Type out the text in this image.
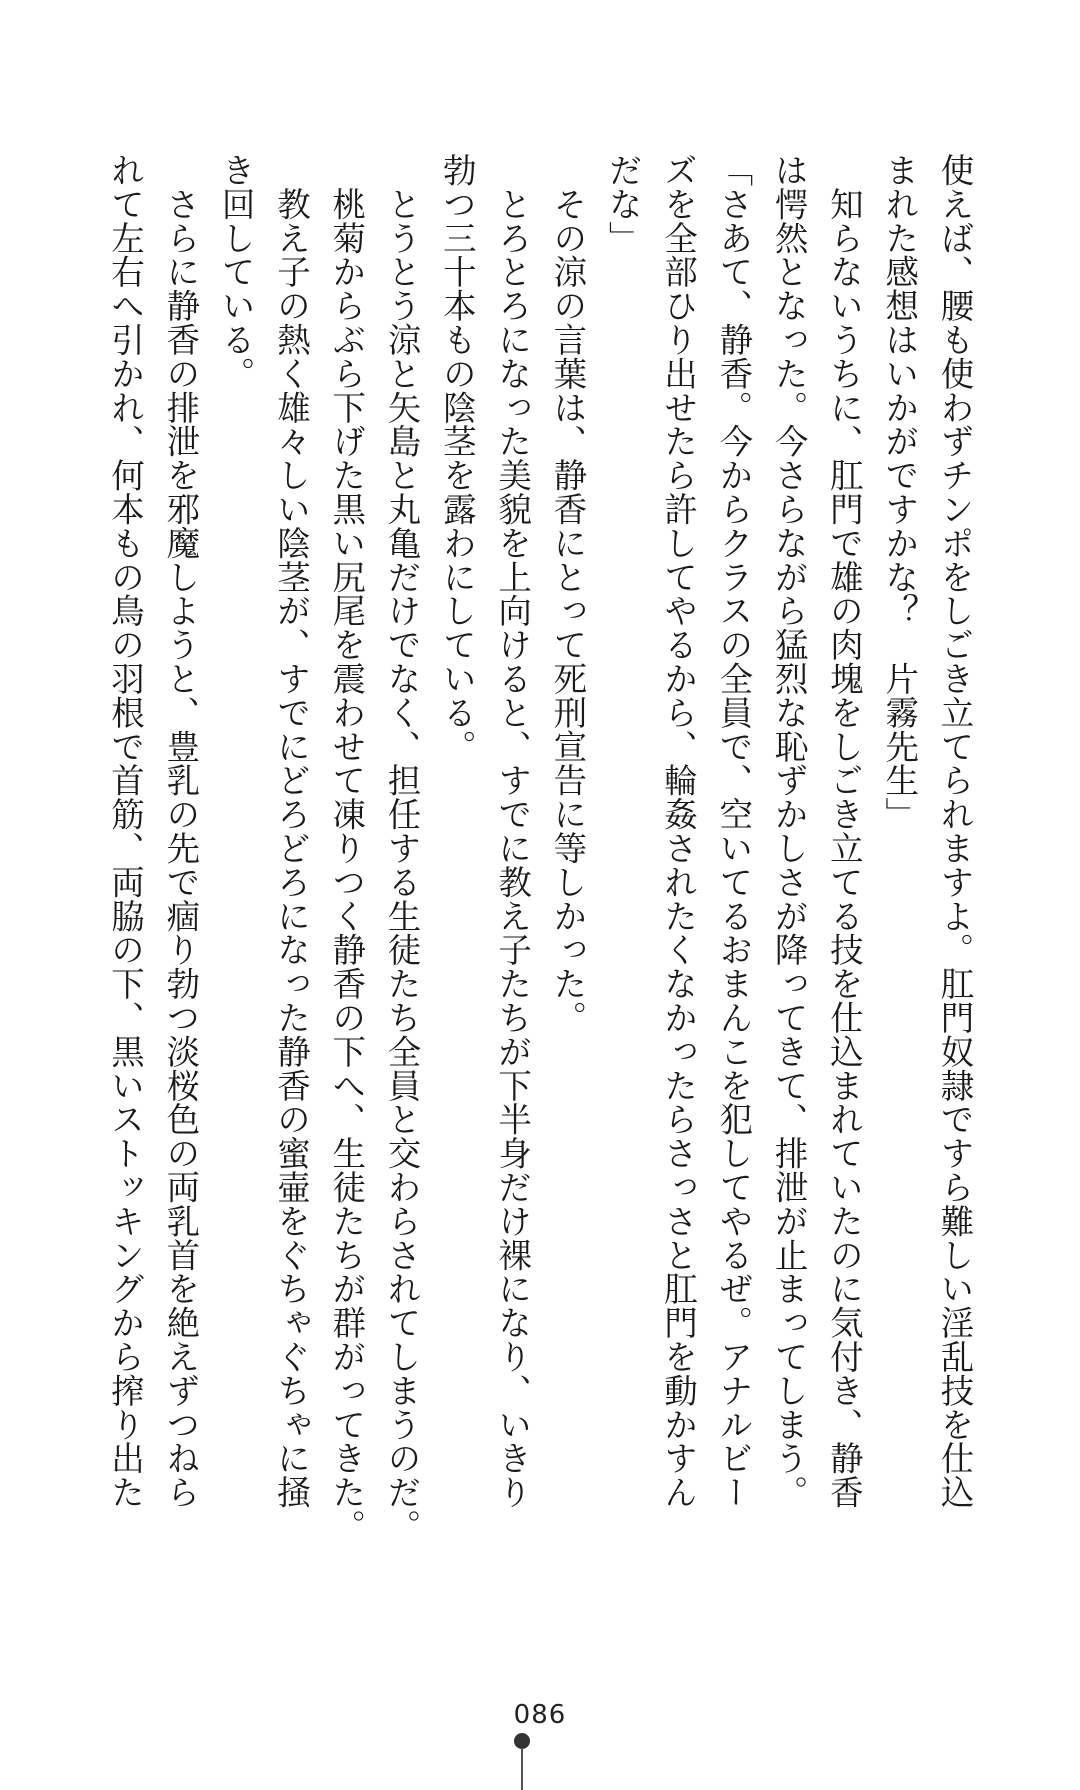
使えば、腰も使わずチンポをしごき立てられますよ。肛門奴隷ですら難しい淫乱技を仕込
まれた感想はいかがですかな？　片霧先生」
　知らないうちに、肛門で雄の肉塊をしごき立てる技を仕込まれていたのに気付き、静香
は愕然となった。今さらながら猛烈な恥ずかしさが降ってきて、排泄が止まってしまう。
「さあて、静香。今からクラスの全員で、空いてるおまんこを犯してやるぜ。アナルビー
ズを全部ひり出せたら許してやるから、輪姦されたくなかったらさっさと肛門を動かすん
だな」
　その涼の言葉は、静香にとって死刑宣告に等しかった。
　とろとろになった美貌を上向けると、すでに教え子たちが下半身だけ裸になり、いきり
勃つ三十本もの陰茎を露わにしている。
　とうとう涼と矢島と丸亀だけでなく、担任する生徒たち全員と交わらされてしまうのだ。
　桃菊からぶら下げた黒い尻尾を震わせて凍りつく静香の下へ、生徒たちが群がってきた。
　教え子の熱く雄々しい陰茎が、すでにどろどろになった静香の蜜壷をぐちゃぐちゃに掻
き回している。
　さらに静香の排泄を邪魔しようと、豊乳の先で痼り勃つ淡桜色の両乳首を絶えずつねら
れて左右へ引かれ、何本もの鳥の羽根で首筋、両脇の下、黒いストッキングから搾り出た
086
